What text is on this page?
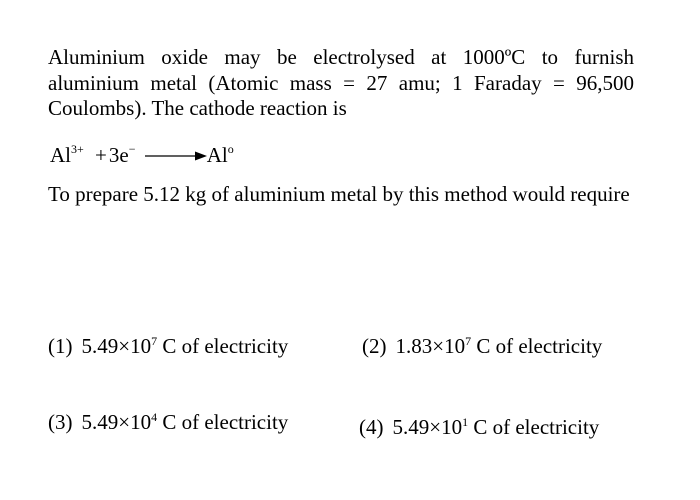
Aluminium oxide may be electrolysed at 1000ºC to furnish aluminium metal (Atomic mass = 27 amu; 1 Faraday = 96,500 Coulombs). The cathode reaction is
$Al^{3+} +3e^-$	Al$^o$
To prepare 5.12 kg of aluminium metal by this method would require
(1) $5.49\times 10^7$ C of electricity	(2) $1.83\times 10^7$ C of electricity
(3) $5.49\times 10^4$ C of electricity	(4) $5.49\times 10^1$ C of electricity
